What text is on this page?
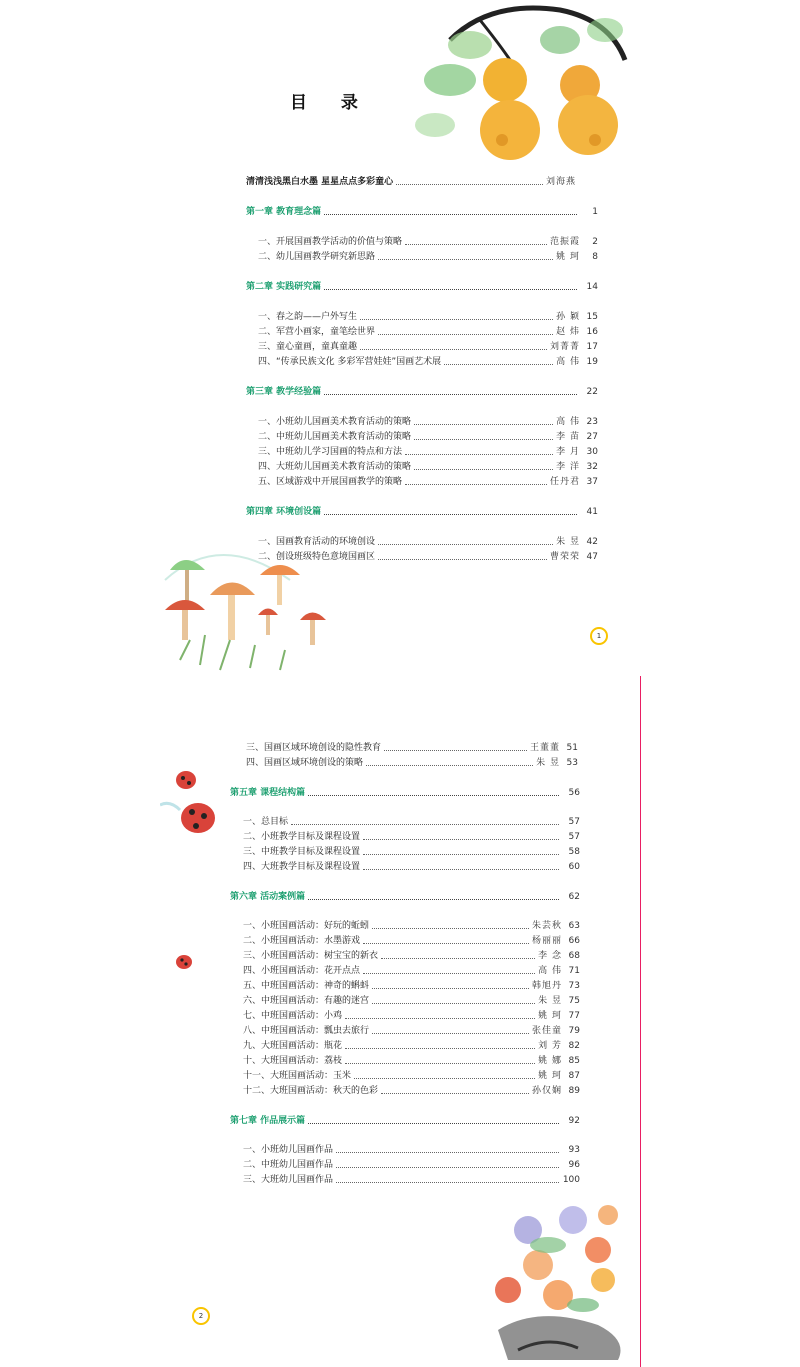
目 录
1
清清浅浅黑白水墨 星星点点多彩童心	刘海燕
第一章 教育理念篇	1
一、开展国画教学活动的价值与策略	范振霞	2
二、幼儿国画教学研究新思路	姚 珂	8
第二章 实践研究篇	14
一、春之韵——户外写生	孙 颖 15
二、军营小画家，童笔绘世界	赵 炜 16
三、童心童画，童真童趣	刘菁菁 17
四、“传承民族文化 多彩军营娃娃”国画艺术展	高 伟 19
第三章 教学经验篇	22
一、小班幼儿国画美术教育活动的策略	高 伟 23
二、中班幼儿国画美术教育活动的策略	李 苗 27
三、中班幼儿学习国画的特点和方法	李 月 30
四、大班幼儿国画美术教育活动的策略	李 洋 32
五、区域游戏中开展国画教学的策略	任丹君 37
第四章 环境创设篇	41
一、国画教育活动的环境创设	朱 昱 42
二、创设班级特色意境国画区	曹荣荣 47
2
三、国画区域环境创设的隐性教育	王董董 51
四、国画区域环境创设的策略	朱 昱 53
第五章 课程结构篇	56
一、总目标	57
二、小班教学目标及课程设置	57
三、中班教学目标及课程设置	58
四、大班教学目标及课程设置	60
第六章 活动案例篇	62
一、小班国画活动：好玩的蚯蚓	朱芸秋 63
二、小班国画活动：水墨游戏	杨丽丽 66
三、小班国画活动：树宝宝的新衣	李 念 68
四、小班国画活动：花开点点	高 伟 71
五、中班国画活动：神奇的蝌蚪	韩旭丹 73
六、中班国画活动：有趣的迷宫	朱 昱 75
七、中班国画活动：小鸡	姚 珂 77
八、中班国画活动：瓢虫去旅行	张佳童 79
九、大班国画活动：瓶花	刘 芳 82
十、大班国画活动：荔枝	姚 娜 85
十一、大班国画活动：玉米	姚 珂 87
十二、大班国画活动：秋天的色彩	孙仅娴 89
第七章 作品展示篇	92
一、小班幼儿国画作品	93
二、中班幼儿国画作品	96
三、大班幼儿国画作品	100
